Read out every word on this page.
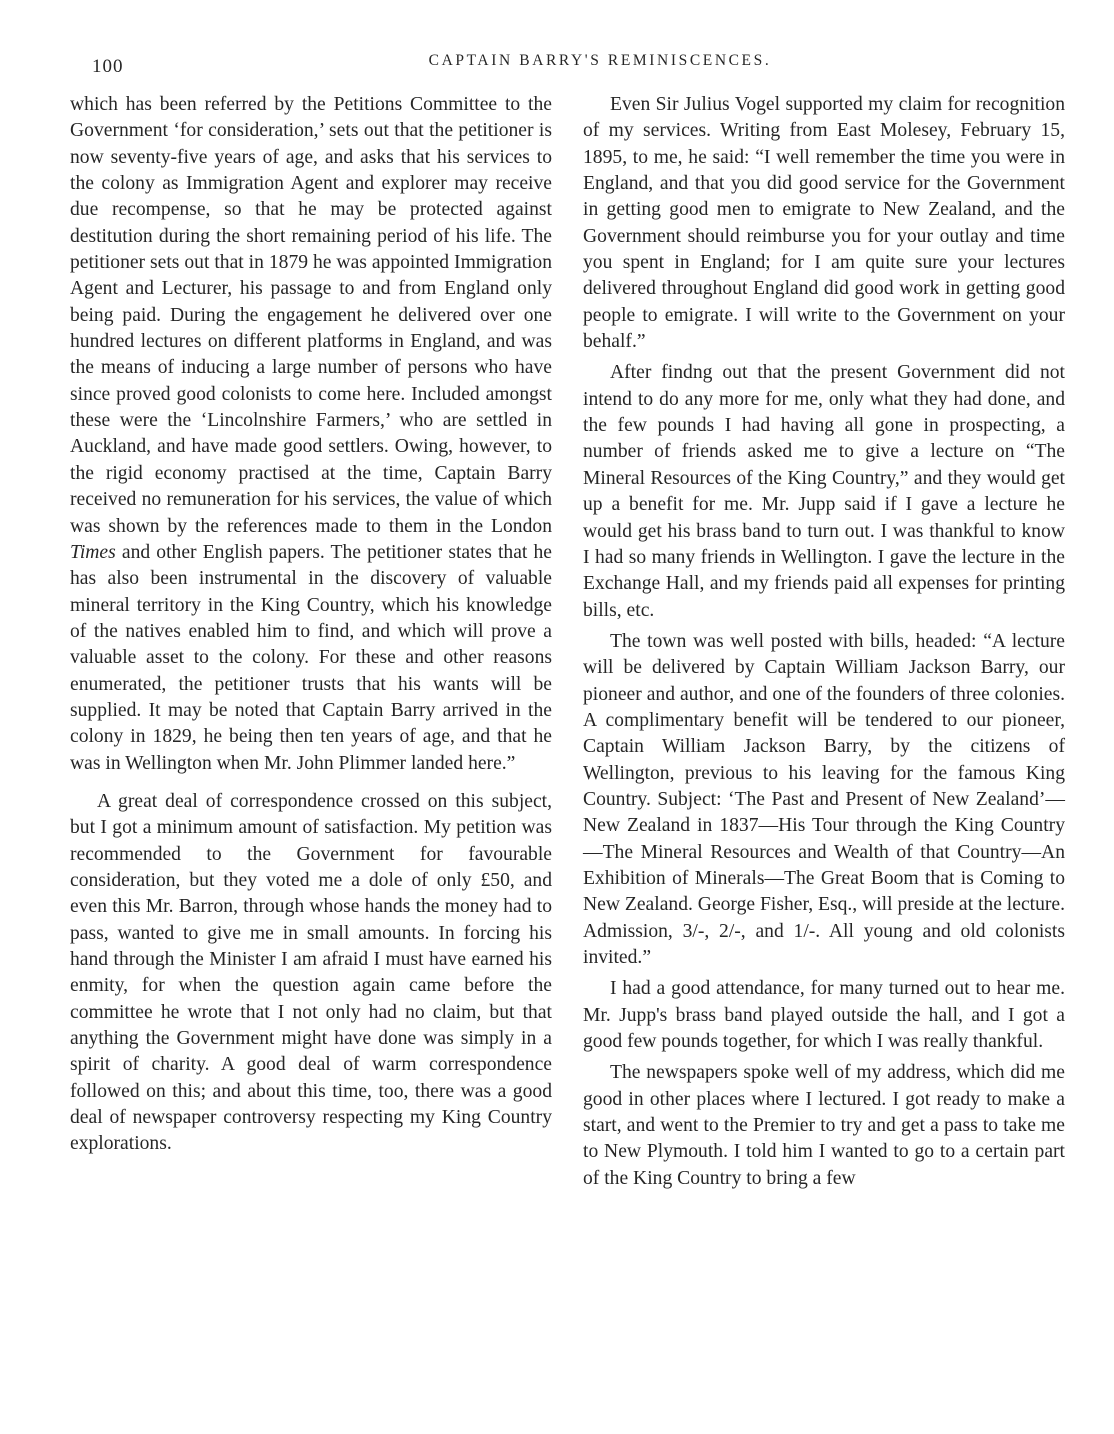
100	CAPTAIN BARRY'S REMINISCENCES.

which has been referred by the Petitions Committee to the Government ‘for consideration,’ sets out that the petitioner is now seventy-five years of age, and asks that his services to the colony as Immigration Agent and explorer may receive due recompense, so that he may be protected against destitution during the short remaining period of his life. The petitioner sets out that in 1879 he was appointed Immigration Agent and Lecturer, his passage to and from England only being paid. During the engagement he delivered over one hundred lectures on different platforms in England, and was the means of inducing a large number of persons who have since proved good colonists to come here. Included amongst these were the ‘Lincolnshire Farmers,’ who are settled in Auckland, and have made good settlers. Owing, however, to the rigid economy practised at the time, Captain Barry received no remuneration for his services, the value of which was shown by the references made to them in the London Times and other English papers. The petitioner states that he has also been instrumental in the discovery of valuable mineral territory in the King Country, which his knowledge of the natives enabled him to find, and which will prove a valuable asset to the colony. For these and other reasons enumerated, the petitioner trusts that his wants will be supplied. It may be noted that Captain Barry arrived in the colony in 1829, he being then ten years of age, and that he was in Wellington when Mr. John Plimmer landed here.”

A great deal of correspondence crossed on this subject, but I got a minimum amount of satisfaction. My petition was recommended to the Government for favourable consideration, but they voted me a dole of only £50, and even this Mr. Barron, through whose hands the money had to pass, wanted to give me in small amounts. In forcing his hand through the Minister I am afraid I must have earned his enmity, for when the question again came before the committee he wrote that I not only had no claim, but that anything the Government might have done was simply in a spirit of charity. A good deal of warm correspondence followed on this; and about this time, too, there was a good deal of newspaper controversy respecting my King Country explorations.

Even Sir Julius Vogel supported my claim for recognition of my services. Writing from East Molesey, February 15, 1895, to me, he said: “I well remember the time you were in England, and that you did good service for the Government in getting good men to emigrate to New Zealand, and the Government should reimburse you for your outlay and time you spent in England; for I am quite sure your lectures delivered throughout England did good work in getting good people to emigrate. I will write to the Government on your behalf.”

After findng out that the present Government did not intend to do any more for me, only what they had done, and the few pounds I had having all gone in prospecting, a number of friends asked me to give a lecture on “The Mineral Resources of the King Country,” and they would get up a benefit for me. Mr. Jupp said if I gave a lecture he would get his brass band to turn out. I was thankful to know I had so many friends in Wellington. I gave the lecture in the Exchange Hall, and my friends paid all expenses for printing bills, etc.

The town was well posted with bills, headed: “A lecture will be delivered by Captain William Jackson Barry, our pioneer and author, and one of the founders of three colonies. A complimentary benefit will be tendered to our pioneer, Captain William Jackson Barry, by the citizens of Wellington, previous to his leaving for the famous King Country. Subject: ‘The Past and Present of New Zealand’—New Zealand in 1837—His Tour through the King Country—The Mineral Resources and Wealth of that Country—An Exhibition of Minerals—The Great Boom that is Coming to New Zealand. George Fisher, Esq., will preside at the lecture. Admission, 3/-, 2/-, and 1/-. All young and old colonists invited.”

I had a good attendance, for many turned out to hear me. Mr. Jupp's brass band played outside the hall, and I got a good few pounds together, for which I was really thankful.

The newspapers spoke well of my address, which did me good in other places where I lectured. I got ready to make a start, and went to the Premier to try and get a pass to take me to New Plymouth. I told him I wanted to go to a certain part of the King Country to bring a few
